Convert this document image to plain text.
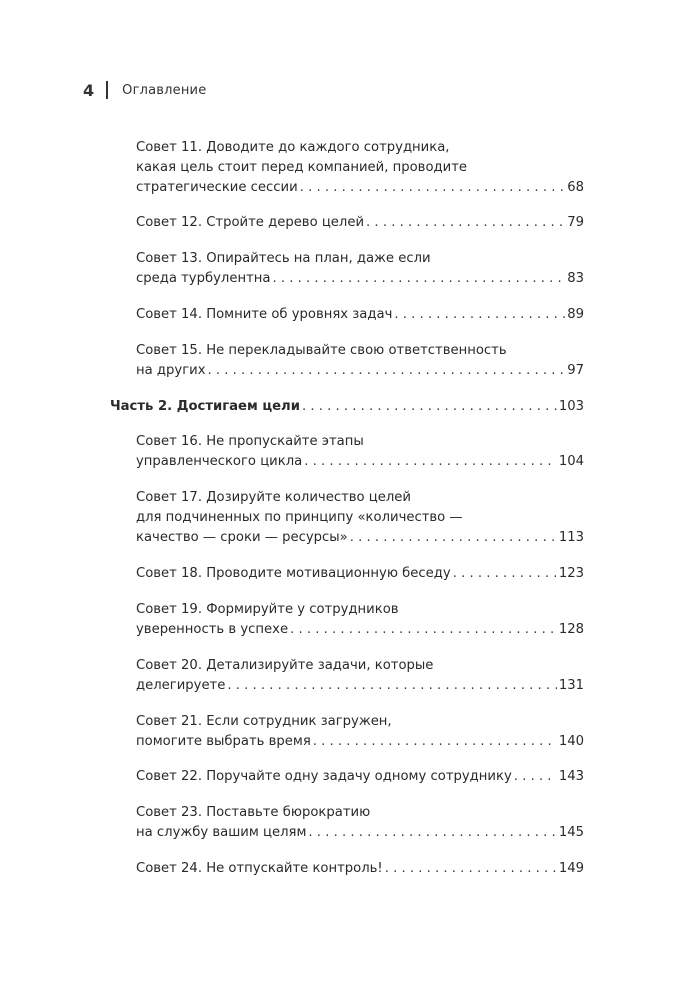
4 Оглавление
Совет 11. Доводите до каждого сотрудника,
какая цель стоит перед компанией, проводите
стратегические сессии . . .	68
Совет 12. Стройте дерево целей . . .	79
Совет 13. Опирайтесь на план, даже если
среда турбулентна . . .	83
Совет 14. Помните об уровнях задач . . .	89
Совет 15. Не перекладывайте свою ответственность
на других . . .	97
Часть 2. Достигаем цели . . .	103
Совет 16. Не пропускайте этапы
управленческого цикла . . .	104
Совет 17. Дозируйте количество целей
для подчиненных по принципу «количество —
качество — сроки — ресурсы» . . .	113
Совет 18. Проводите мотивационную беседу . . .	123
Совет 19. Формируйте у сотрудников
уверенность в успехе . . .	128
Совет 20. Детализируйте задачи, которые
делегируете . . .	131
Совет 21. Если сотрудник загружен,
помогите выбрать время . . .	140
Совет 22. Поручайте одну задачу одному сотруднику . . .	143
Совет 23. Поставьте бюрократию
на службу вашим целям . . .	145
Совет 24. Не отпускайте контроль! . . .	149
